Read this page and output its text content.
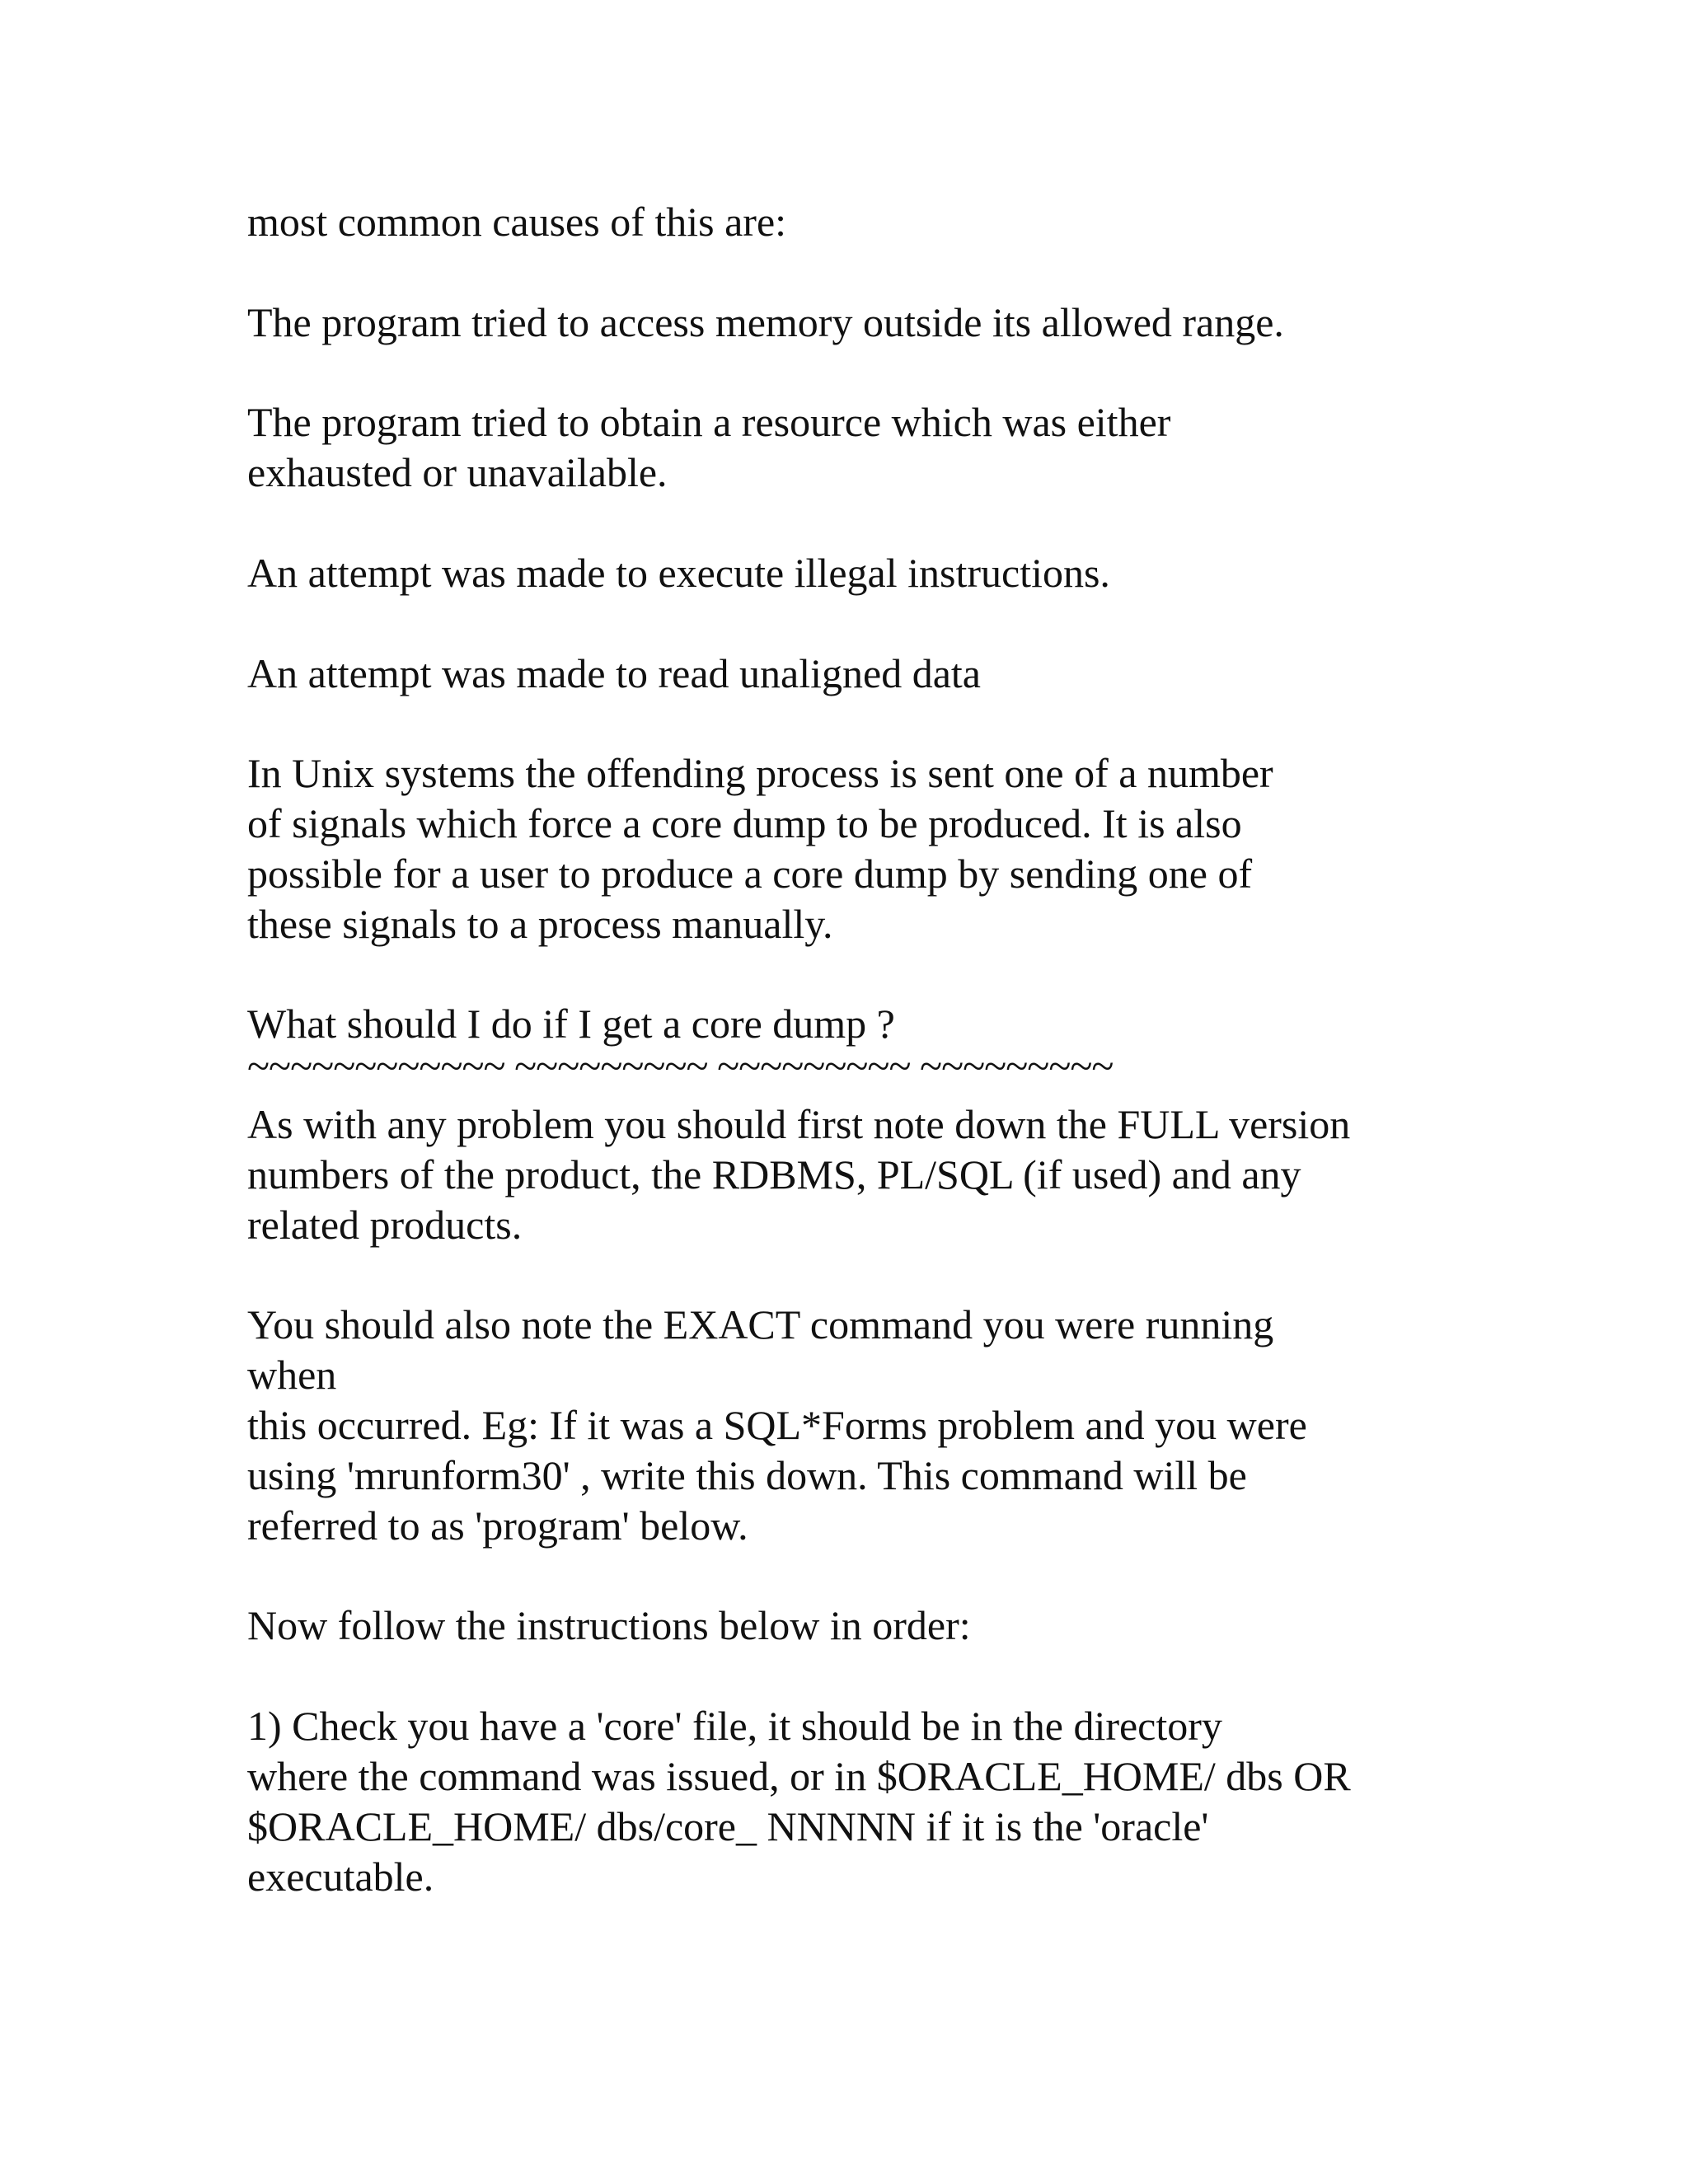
most common causes of this are:

The program tried to access memory outside its allowed range.

The program tried to obtain a resource which was either

exhausted or unavailable.

An attempt was made to execute illegal instructions.

An attempt was made to read unaligned data

In Unix systems the offending process is sent one of a number

of signals which force a core dump to be produced. It is also

possible for a user to produce a core dump by sending one of

these signals to a process manually.

What should I do if I get a core dump ?

~~~~~~~~~~~~ ~~~~~~~~~ ~~~~~~~~~ ~~~~~~~~~

As with any problem you should first note down the FULL version

numbers of the product, the RDBMS, PL/SQL (if used) and any

related products.

You should also note the EXACT command you were running

when

this occurred. Eg: If it was a SQL*Forms problem and you were

using 'mrunform30' , write this down. This command will be

referred to as 'program' below.

Now follow the instructions below in order:

1) Check you have a 'core' file, it should be in the directory

where the command was issued, or in $ORACLE_HOME/ dbs OR

$ORACLE_HOME/ dbs/core_ NNNNN if it is the 'oracle'

executable.
